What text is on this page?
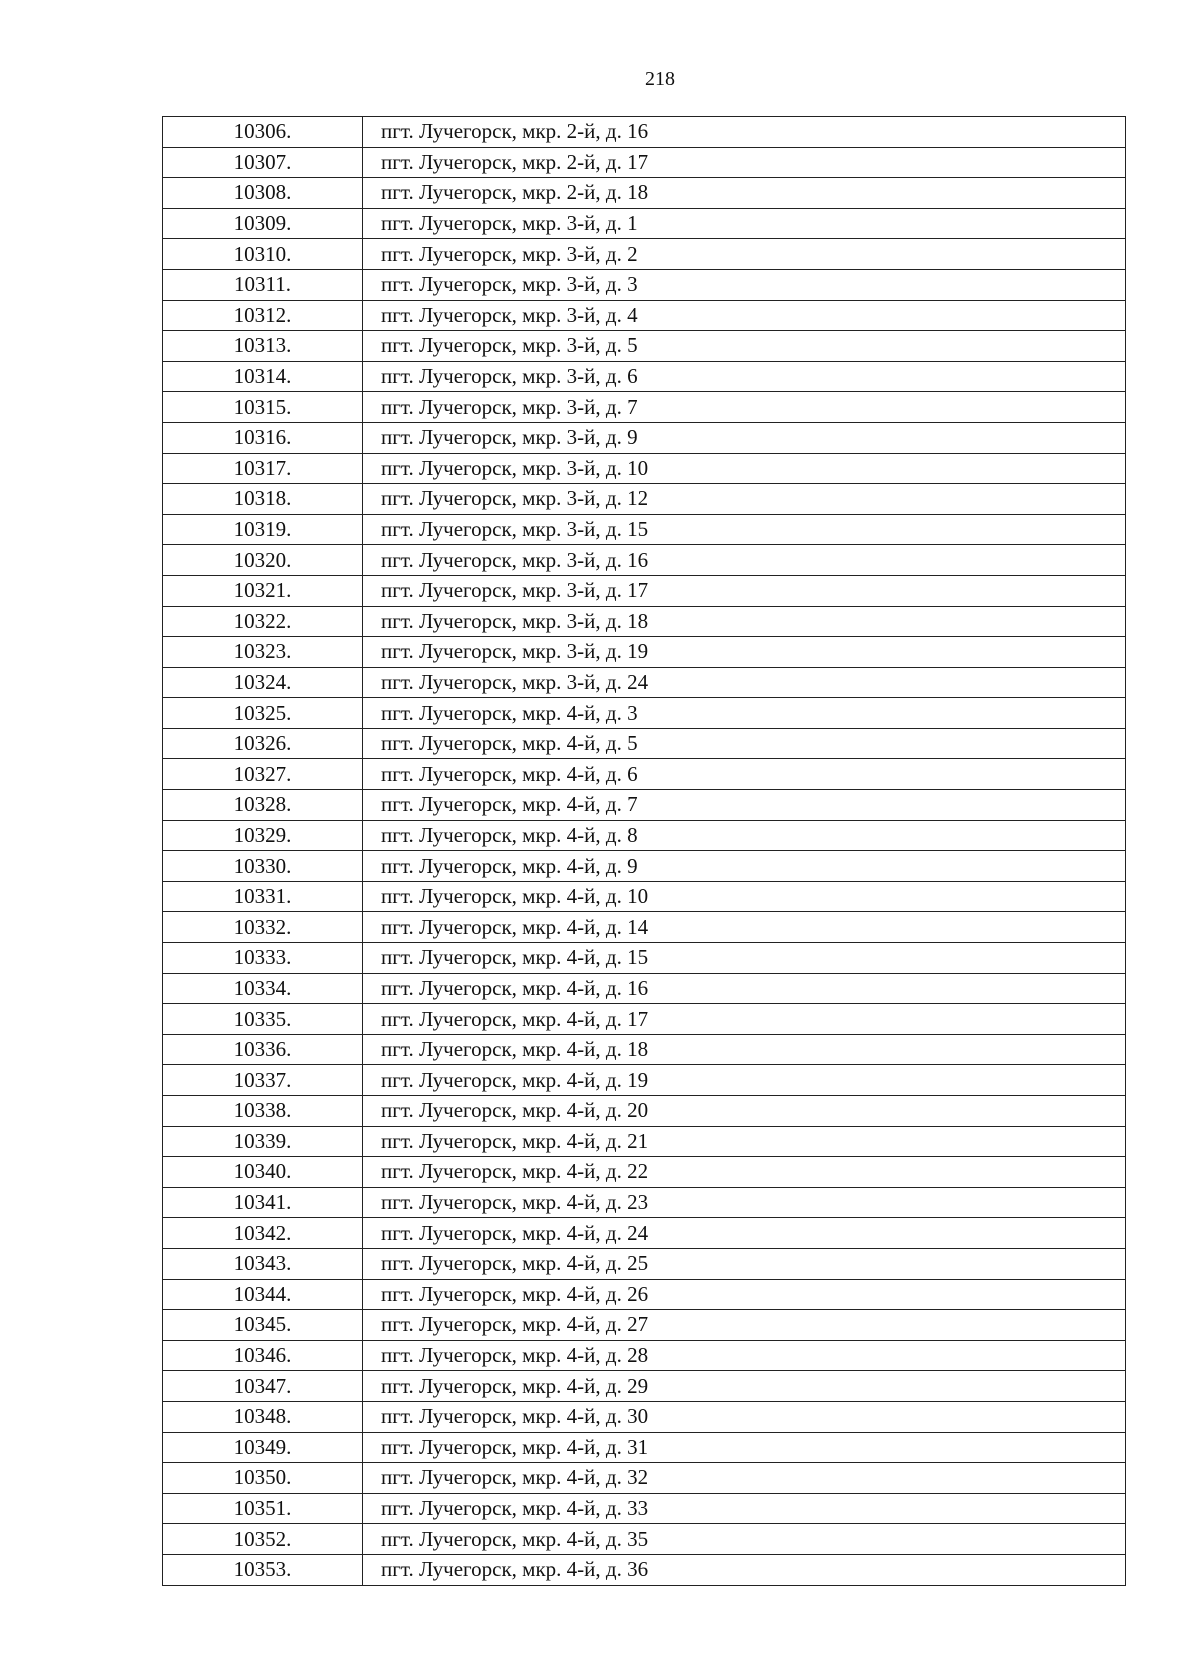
218
10306.	пгт. Лучегорск, мкр. 2-й, д. 16
10307.	пгт. Лучегорск, мкр. 2-й, д. 17
10308.	пгт. Лучегорск, мкр. 2-й, д. 18
10309.	пгт. Лучегорск, мкр. 3-й, д. 1
10310.	пгт. Лучегорск, мкр. 3-й, д. 2
10311.	пгт. Лучегорск, мкр. 3-й, д. 3
10312.	пгт. Лучегорск, мкр. 3-й, д. 4
10313.	пгт. Лучегорск, мкр. 3-й, д. 5
10314.	пгт. Лучегорск, мкр. 3-й, д. 6
10315.	пгт. Лучегорск, мкр. 3-й, д. 7
10316.	пгт. Лучегорск, мкр. 3-й, д. 9
10317.	пгт. Лучегорск, мкр. 3-й, д. 10
10318.	пгт. Лучегорск, мкр. 3-й, д. 12
10319.	пгт. Лучегорск, мкр. 3-й, д. 15
10320.	пгт. Лучегорск, мкр. 3-й, д. 16
10321.	пгт. Лучегорск, мкр. 3-й, д. 17
10322.	пгт. Лучегорск, мкр. 3-й, д. 18
10323.	пгт. Лучегорск, мкр. 3-й, д. 19
10324.	пгт. Лучегорск, мкр. 3-й, д. 24
10325.	пгт. Лучегорск, мкр. 4-й, д. 3
10326.	пгт. Лучегорск, мкр. 4-й, д. 5
10327.	пгт. Лучегорск, мкр. 4-й, д. 6
10328.	пгт. Лучегорск, мкр. 4-й, д. 7
10329.	пгт. Лучегорск, мкр. 4-й, д. 8
10330.	пгт. Лучегорск, мкр. 4-й, д. 9
10331.	пгт. Лучегорск, мкр. 4-й, д. 10
10332.	пгт. Лучегорск, мкр. 4-й, д. 14
10333.	пгт. Лучегорск, мкр. 4-й, д. 15
10334.	пгт. Лучегорск, мкр. 4-й, д. 16
10335.	пгт. Лучегорск, мкр. 4-й, д. 17
10336.	пгт. Лучегорск, мкр. 4-й, д. 18
10337.	пгт. Лучегорск, мкр. 4-й, д. 19
10338.	пгт. Лучегорск, мкр. 4-й, д. 20
10339.	пгт. Лучегорск, мкр. 4-й, д. 21
10340.	пгт. Лучегорск, мкр. 4-й, д. 22
10341.	пгт. Лучегорск, мкр. 4-й, д. 23
10342.	пгт. Лучегорск, мкр. 4-й, д. 24
10343.	пгт. Лучегорск, мкр. 4-й, д. 25
10344.	пгт. Лучегорск, мкр. 4-й, д. 26
10345.	пгт. Лучегорск, мкр. 4-й, д. 27
10346.	пгт. Лучегорск, мкр. 4-й, д. 28
10347.	пгт. Лучегорск, мкр. 4-й, д. 29
10348.	пгт. Лучегорск, мкр. 4-й, д. 30
10349.	пгт. Лучегорск, мкр. 4-й, д. 31
10350.	пгт. Лучегорск, мкр. 4-й, д. 32
10351.	пгт. Лучегорск, мкр. 4-й, д. 33
10352.	пгт. Лучегорск, мкр. 4-й, д. 35
10353.	пгт. Лучегорск, мкр. 4-й, д. 36
